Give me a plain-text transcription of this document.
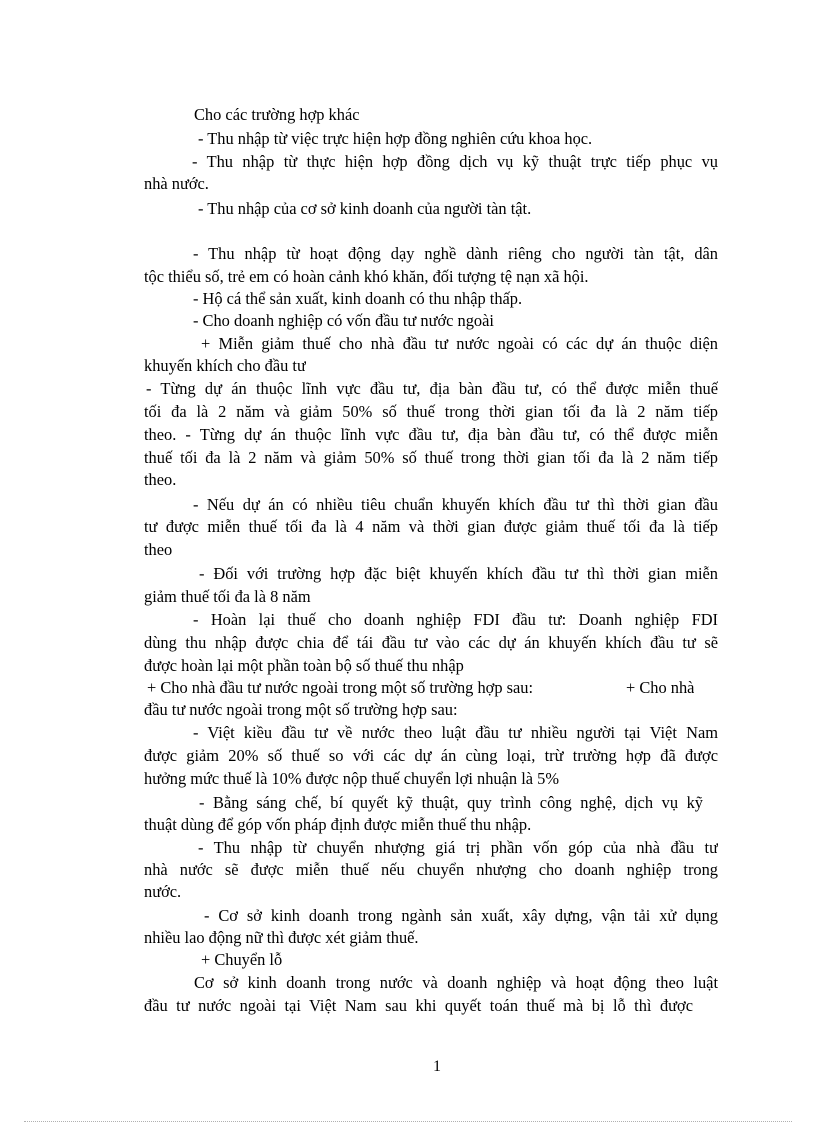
Cho các trường hợp khác
- Thu nhập từ việc trực hiện hợp đồng nghiên cứu khoa học.
- Thu nhập từ thực hiện hợp đồng dịch vụ kỹ thuật trực tiếp phục vụ
nhà nước.
- Thu nhập của cơ sở kinh doanh của người tàn tật.
- Thu nhập từ hoạt động dạy nghề dành riêng cho người tàn tật, dân
tộc thiểu số, trẻ em có hoàn cảnh khó khăn, đối tượng tệ nạn xã hội.
- Hộ cá thể sản xuất, kinh doanh có thu nhập thấp.
- Cho doanh nghiệp có vốn đầu tư nước ngoài
+ Miễn giảm thuế cho nhà đầu tư nước ngoài có các dự án thuộc diện
khuyến khích cho đầu tư
- Từng dự án thuộc lĩnh vực đầu tư, địa bàn đầu tư, có thể được miễn thuế
tối đa là 2 năm và giảm 50% số thuế trong thời gian tối đa là 2 năm tiếp
theo. - Từng dự án thuộc lĩnh vực đầu tư, địa bàn đầu tư, có thể được miễn
thuế tối đa là 2 năm và giảm 50% số thuế trong thời gian tối đa là 2 năm tiếp
theo.
- Nếu dự án có nhiều tiêu chuẩn khuyến khích đầu tư thì thời gian đầu
tư được miễn thuế tối đa là 4 năm và thời gian được giảm thuế tối đa là tiếp
theo
- Đối với trường hợp đặc biệt khuyến khích đầu tư thì thời gian miễn
giảm thuế tối đa là 8 năm
- Hoàn lại thuế cho doanh nghiệp FDI đầu tư: Doanh nghiệp FDI
dùng thu nhập được chia để tái đầu tư vào các dự án khuyến khích đầu tư sẽ
được hoàn lại một phần toàn bộ số thuế thu nhập
+ Cho nhà đầu tư nước ngoài trong một số trường hợp sau:	+ Cho nhà
đầu tư nước ngoài trong một số trường hợp sau:
- Việt kiều đầu tư về nước theo luật đầu tư nhiều người tại Việt Nam
được giảm 20% số thuế so với các dự án cùng loại, trừ trường hợp đã được
hưởng mức thuế là 10% được nộp thuế chuyển lợi nhuận là 5%
- Bằng sáng chế, bí quyết kỹ thuật, quy trình công nghệ, dịch vụ kỹ
thuật dùng để góp vốn pháp định được miễn thuế thu nhập.
- Thu nhập từ chuyển nhượng giá trị phần vốn góp của nhà đầu tư
nhà nước sẽ được miễn thuế nếu chuyển nhượng cho doanh nghiệp trong
nước.
- Cơ sở kinh doanh trong ngành sản xuất, xây dựng, vận tải xử dụng
nhiều lao động nữ thì được xét giảm thuế.
+ Chuyển lỗ
Cơ sở kinh doanh trong nước và doanh nghiệp và hoạt động theo luật
đầu tư nước ngoài tại Việt Nam sau khi quyết toán thuế mà bị lỗ thì được
1
